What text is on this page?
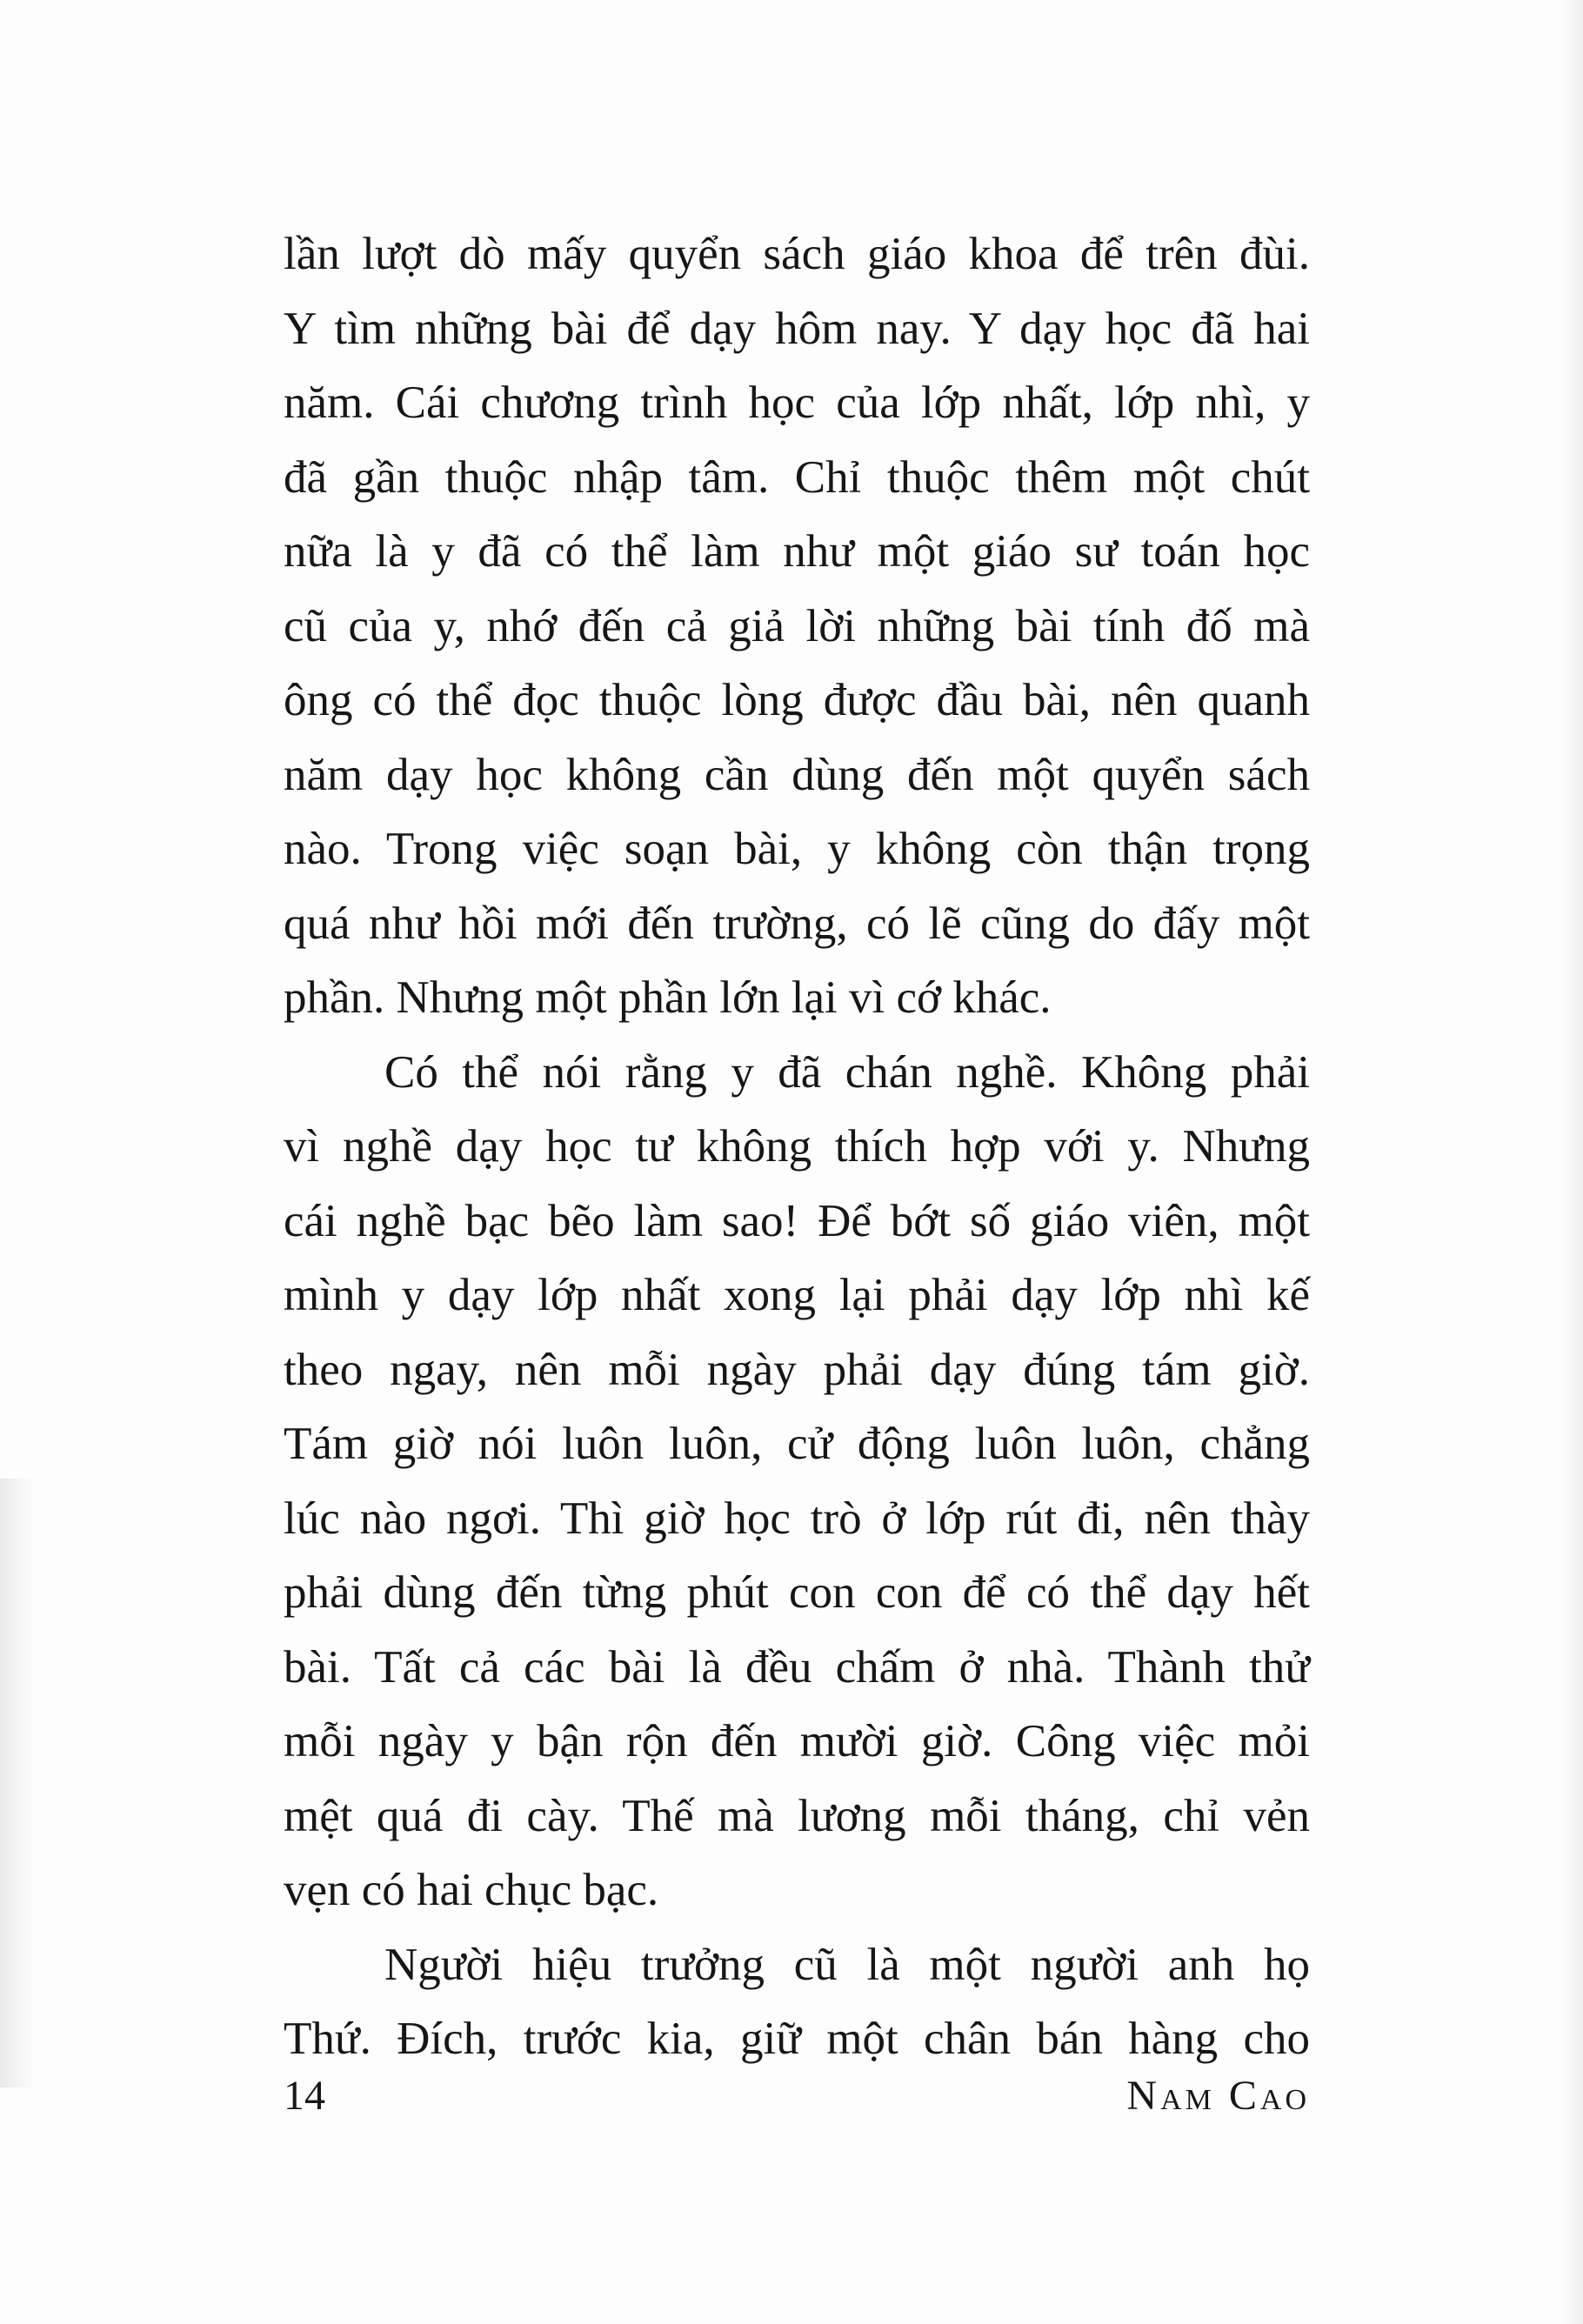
lần lượt dò mấy quyển sách giáo khoa để trên đùi.
Y tìm những bài để dạy hôm nay. Y dạy học đã hai
năm. Cái chương trình học của lớp nhất, lớp nhì, y
đã gần thuộc nhập tâm. Chỉ thuộc thêm một chút
nữa là y đã có thể làm như một giáo sư toán học
cũ của y, nhớ đến cả giả lời những bài tính đố mà
ông có thể đọc thuộc lòng được đầu bài, nên quanh
năm dạy học không cần dùng đến một quyển sách
nào. Trong việc soạn bài, y không còn thận trọng
quá như hồi mới đến trường, có lẽ cũng do đấy một
phần. Nhưng một phần lớn lại vì cớ khác.
Có thể nói rằng y đã chán nghề. Không phải
vì nghề dạy học tư không thích hợp với y. Nhưng
cái nghề bạc bẽo làm sao! Để bớt số giáo viên, một
mình y dạy lớp nhất xong lại phải dạy lớp nhì kế
theo ngay, nên mỗi ngày phải dạy đúng tám giờ.
Tám giờ nói luôn luôn, cử động luôn luôn, chẳng
lúc nào ngơi. Thì giờ học trò ở lớp rút đi, nên thày
phải dùng đến từng phút con con để có thể dạy hết
bài. Tất cả các bài là đều chấm ở nhà. Thành thử
mỗi ngày y bận rộn đến mười giờ. Công việc mỏi
mệt quá đi cày. Thế mà lương mỗi tháng, chỉ vẻn
vẹn có hai chục bạc.
Người hiệu trưởng cũ là một người anh họ
Thứ. Đích, trước kia, giữ một chân bán hàng cho
14	Nam Cao
